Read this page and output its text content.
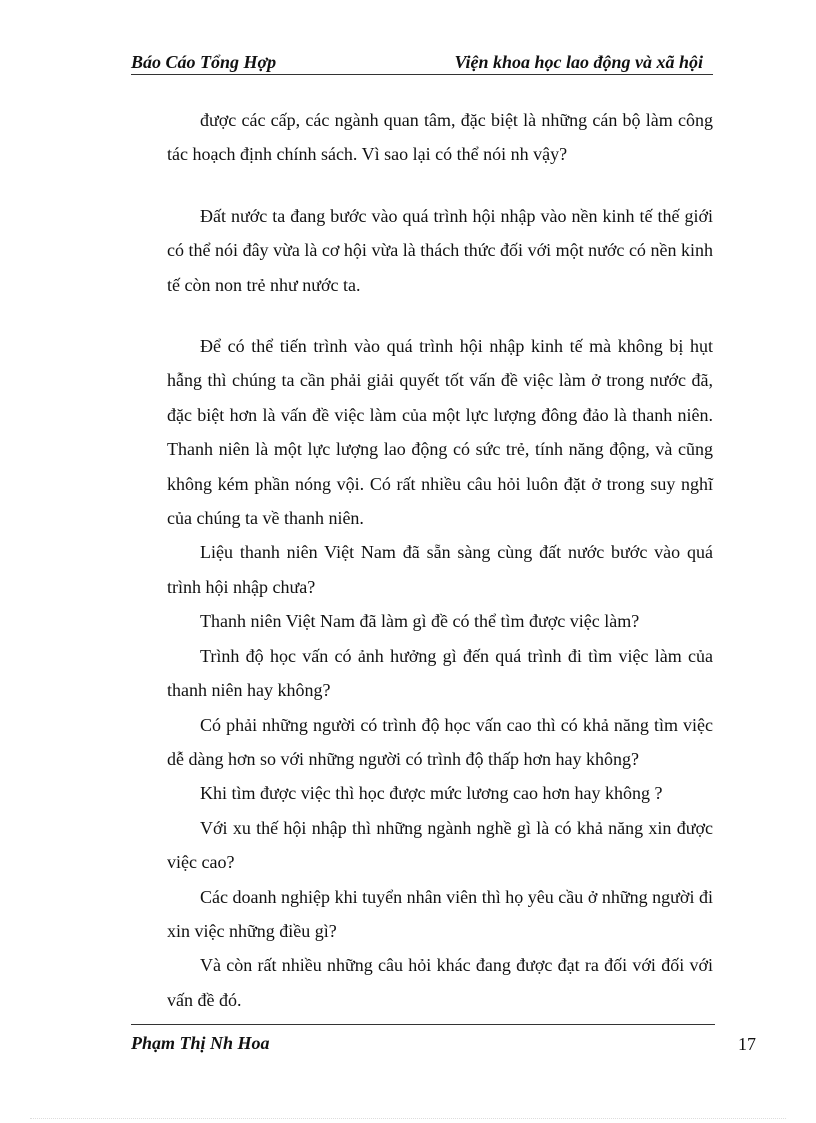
Báo Cáo Tổng Hợp	Viện khoa học lao động và xã hội

được các cấp, các ngành quan tâm, đặc biệt là những cán bộ làm công tác hoạch định chính sách. Vì sao lại có thể nói nh vậy?

Đất nước ta đang bước vào quá trình hội nhập vào nền kinh tế thế giới có thể nói đây vừa là cơ hội vừa là thách thức đối với một nước có nền kinh tế còn non trẻ như nước ta.

Để có thể tiến trình vào quá trình hội nhập kinh tế mà không bị hụt hẫng thì chúng ta cần phải giải quyết tốt vấn đề việc làm ở trong nước đã, đặc biệt hơn là vấn đề việc làm của một lực lượng đông đảo là thanh niên. Thanh niên là một lực lượng lao động có sức trẻ, tính năng động, và cũng không kém phần nóng vội. Có rất nhiều câu hỏi luôn đặt ở trong suy nghĩ của chúng ta về thanh niên.

Liệu thanh niên Việt Nam đã sẵn sàng cùng đất nước bước vào quá trình hội nhập chưa?

Thanh niên Việt Nam đã làm gì đề có thể tìm được việc làm?

Trình độ học vấn có ảnh hưởng gì đến quá trình đi tìm việc làm của thanh niên hay không?

Có phải những người có trình độ học vấn cao thì có khả năng tìm việc dễ dàng hơn so với những người có trình độ thấp hơn hay không?

Khi tìm được việc thì học được mức lương cao hơn hay không ?

Với xu thế hội nhập thì những ngành nghề gì là có khả năng xin được việc cao?

Các doanh nghiệp khi tuyển nhân viên thì họ yêu cầu ở những người đi xin việc những điều gì?

Và còn rất nhiều những câu hỏi khác đang được đạt ra đối với đối với vấn đề đó.

Phạm Thị Nh Hoa	17
